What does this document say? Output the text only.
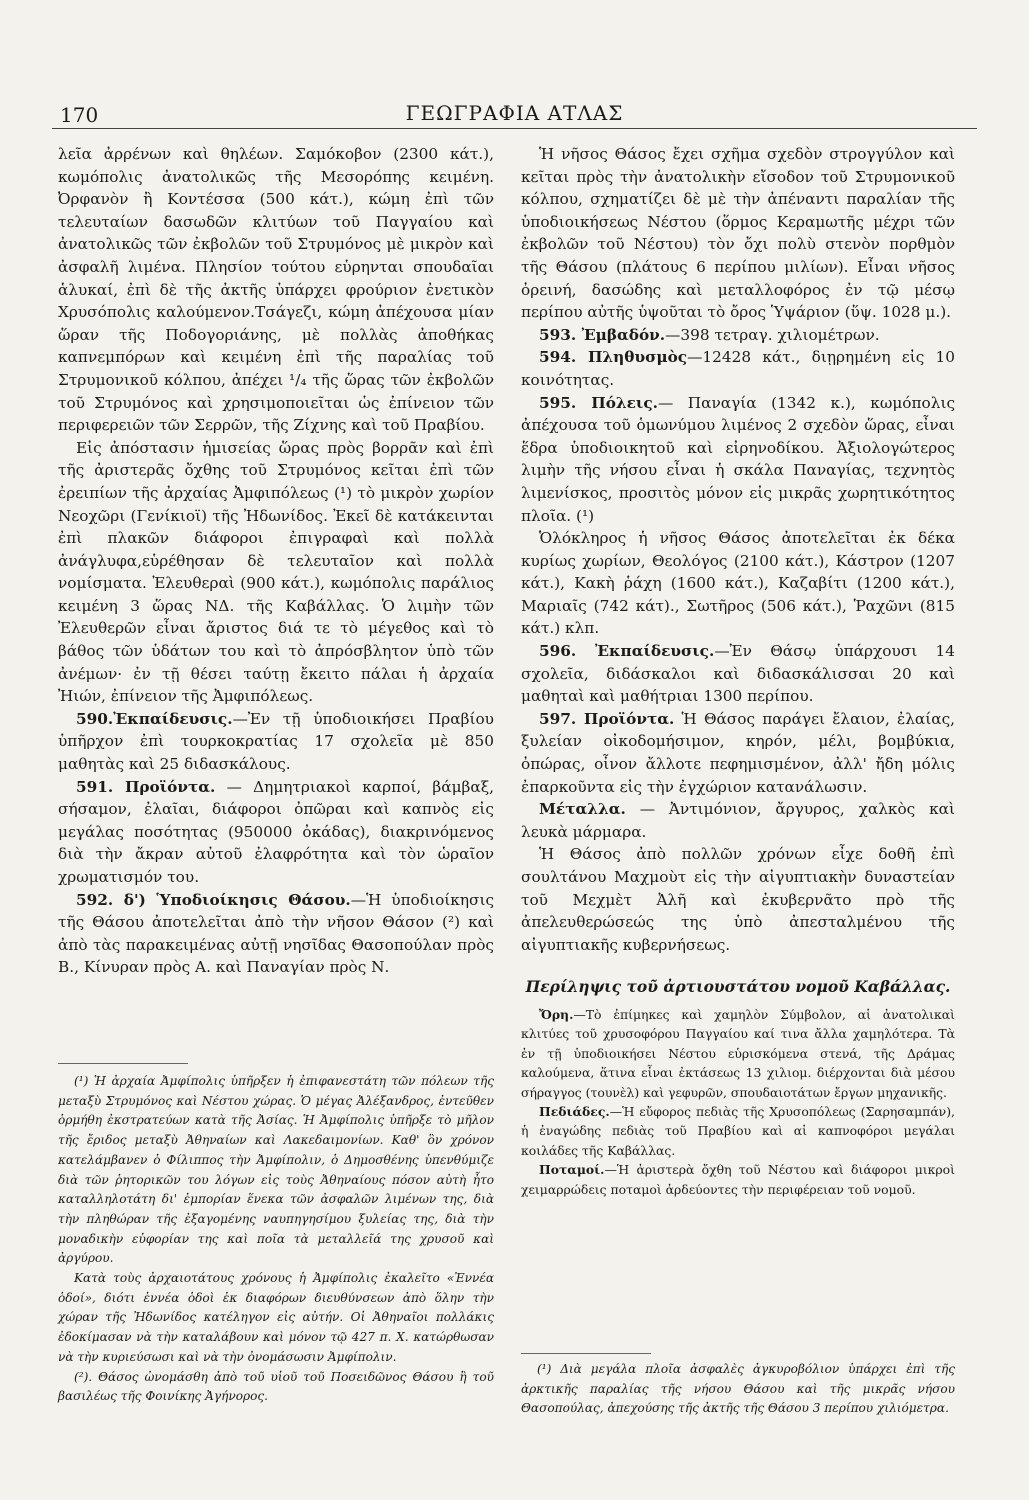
170	ΓΕΩΓΡΑΦΙΑ ΑΤΛΑΣ

λεῖα ἀρρένων καὶ θηλέων. Σαμόκοβον (2300 κάτ.), κωμόπολις ἀνατολικῶς τῆς Μεσορόπης κειμένη. Ὀρφανὸν ἢ Κοντέσσα (500 κάτ.), κώμη ἐπὶ τῶν τελευταίων δασωδῶν κλιτύων τοῦ Παγγαίου καὶ ἀνατολικῶς τῶν ἐκβολῶν τοῦ Στρυμόνος μὲ μικρὸν καὶ ἀσφαλῆ λιμένα. Πλησίον τούτου εὑρηνται σπουδαῖαι ἁλυκαί, ἐπὶ δὲ τῆς ἀκτῆς ὑπάρχει φρούριον ἐνετικὸν Χρυσόπολις καλούμενον.Τσάγεζι, κώμη ἀπέχουσα μίαν ὥραν τῆς Ποδογοριάνης, μὲ πολλὰς ἀποθήκας καπνεμπόρων καὶ κειμένη ἐπὶ τῆς παραλίας τοῦ Στρυμονικοῦ κόλπου, ἀπέχει ¹/₄ τῆς ὥρας τῶν ἐκβολῶν τοῦ Στρυμόνος καὶ χρησιμοποιεῖται ὡς ἐπίνειον τῶν περιφερειῶν τῶν Σερρῶν, τῆς Ζίχνης καὶ τοῦ Πραβίου.

Εἰς ἀπόστασιν ἡμισείας ὥρας πρὸς βορρᾶν καὶ ἐπὶ τῆς ἀριστερᾶς ὄχθης τοῦ Στρυμόνος κεῖται ἐπὶ τῶν ἐρειπίων τῆς ἀρχαίας Ἀμφιπόλεως (¹) τὸ μικρὸν χωρίον Νεοχῶρι (Γενίκιοϊ) τῆς Ἠδωνίδος. Ἐκεῖ δὲ κατάκεινται ἐπὶ πλακῶν διάφοροι ἐπιγραφαὶ καὶ πολλὰ ἀνάγλυφα,εὑρέθησαν δὲ τελευταῖον καὶ πολλὰ νομίσματα. Ἐλευθεραὶ (900 κάτ.), κωμόπολις παράλιος κειμένη 3 ὥρας ΝΔ. τῆς Καβάλλας. Ὁ λιμὴν τῶν Ἐλευθερῶν εἶναι ἄριστος διά τε τὸ μέγεθος καὶ τὸ βάθος τῶν ὑδάτων του καὶ τὸ ἀπρόσβλητον ὑπὸ τῶν ἀνέμων· ἐν τῇ θέσει ταύτῃ ἔκειτο πάλαι ἡ ἀρχαία Ἠιών, ἐπίνειον τῆς Ἀμφιπόλεως.

590.Ἐκπαίδευσις.—Ἐν τῇ ὑποδιοικήσει Πραβίου ὑπῆρχον ἐπὶ τουρκοκρατίας 17 σχολεῖα μὲ 850 μαθητὰς καὶ 25 διδασκάλους.

591. Προϊόντα. — Δημητριακοὶ καρποί, βάμβαξ, σήσαμον, ἐλαῖαι, διάφοροι ὀπῶραι καὶ καπνὸς εἰς μεγάλας ποσότητας (950000 ὀκάδας), διακρινόμενος διὰ τὴν ἄκραν αὐτοῦ ἐλαφρότητα καὶ τὸν ὡραῖον χρωματισμόν του.

592. δ') Ὑποδιοίκησις Θάσου.—Ἡ ὑποδιοίκησις τῆς Θάσου ἀποτελεῖται ἀπὸ τὴν νῆσον Θάσον (²) καὶ ἀπὸ τὰς παρακειμένας αὐτῇ νησῖδας Θασοπούλαν πρὸς Β., Κίνυραν πρὸς Α. καὶ Παναγίαν πρὸς Ν.

(¹) Ἡ ἀρχαία Ἀμφίπολις ὑπῆρξεν ἡ ἐπιφανεστάτη τῶν πόλεων τῆς μεταξὺ Στρυμόνος καὶ Νέστου χώρας. Ὁ μέγας Ἀλέξανδρος, ἐντεῦθεν ὁρμήθη ἐκστρατεύων κατὰ τῆς Ἀσίας. Ἡ Ἀμφίπολις ὑπῆρξε τὸ μῆλον τῆς ἔριδος μεταξὺ Ἀθηναίων καὶ Λακεδαιμονίων. Καθ' ὃν χρόνον κατελάμβανεν ὁ Φίλιππος τὴν Ἀμφίπολιν, ὁ Δημοσθένης ὑπενθύμιζε διὰ τῶν ῥητορικῶν του λόγων εἰς τοὺς Ἀθηναίους πόσον αὐτὴ ἦτο καταλληλοτάτη δι' ἐμπορίαν ἕνεκα τῶν ἀσφαλῶν λιμένων της, διὰ τὴν πληθώραν τῆς ἐξαγομένης ναυπηγησίμου ξυλείας της, διὰ τὴν μοναδικὴν εὐφορίαν της καὶ ποῖα τὰ μεταλλεῖά της χρυσοῦ καὶ ἀργύρου.

Κατὰ τοὺς ἀρχαιοτάτους χρόνους ἡ Ἀμφίπολις ἐκαλεῖτο «Ἐννέα ὁδοί», διότι ἐννέα ὁδοὶ ἐκ διαφόρων διευθύνσεων ἀπὸ ὅλην τὴν χώραν τῆς Ἠδωνίδος κατέληγον εἰς αὐτήν. Οἱ Ἀθηναῖοι πολλάκις ἐδοκίμασαν νὰ τὴν καταλάβουν καὶ μόνον τῷ 427 π. Χ. κατώρθωσαν νὰ τὴν κυριεύσωσι καὶ νὰ τὴν ὀνομάσωσιν Ἀμφίπολιν.

(²). Θάσος ὠνομάσθη ἀπὸ τοῦ υἱοῦ τοῦ Ποσειδῶνος Θάσου ἢ τοῦ βασιλέως τῆς Φοινίκης Ἀγήνορος.

Ἡ νῆσος Θάσος ἔχει σχῆμα σχεδὸν στρογγύλον καὶ κεῖται πρὸς τὴν ἀνατολικὴν εἴσοδον τοῦ Στρυμονικοῦ κόλπου, σχηματίζει δὲ μὲ τὴν ἀπέναντι παραλίαν τῆς ὑποδιοικήσεως Νέστου (ὅρμος Κεραμωτῆς μέχρι τῶν ἐκβολῶν τοῦ Νέστου) τὸν ὄχι πολὺ στενὸν πορθμὸν τῆς Θάσου (πλάτους 6 περίπου μιλίων). Εἶναι νῆσος ὀρεινή, δασώδης καὶ μεταλλοφόρος ἐν τῷ μέσῳ περίπου αὐτῆς ὑψοῦται τὸ ὄρος Ὑψάριον (ὕψ. 1028 μ.).

593. Ἐμβαδόν.—398 τετραγ. χιλιομέτρων.

594. Πληθυσμὸς—12428 κάτ., διῃρημένη εἰς 10 κοινότητας.

595. Πόλεις.— Παναγία (1342 κ.), κωμόπολις ἀπέχουσα τοῦ ὁμωνύμου λιμένος 2 σχεδὸν ὥρας, εἶναι ἕδρα ὑποδιοικητοῦ καὶ εἰρηνοδίκου. Ἀξιολογώτερος λιμὴν τῆς νήσου εἶναι ἡ σκάλα Παναγίας, τεχνητὸς λιμενίσκος, προσιτὸς μόνον εἰς μικρᾶς χωρητικότητος πλοῖα. (¹)

Ὁλόκληρος ἡ νῆσος Θάσος ἀποτελεῖται ἐκ δέκα κυρίως χωρίων, Θεολόγος (2100 κάτ.), Κάστρον (1207 κάτ.), Κακὴ ῥάχη (1600 κάτ.), Καζαβίτι (1200 κάτ.), Μαριαῖς (742 κάτ)., Σωτῆρος (506 κάτ.), Ῥαχῶνι (815 κάτ.) κλπ.

596. Ἐκπαίδευσις.—Ἐν Θάσῳ ὑπάρχουσι 14 σχολεῖα, διδάσκαλοι καὶ διδασκάλισσαι 20 καὶ μαθηταὶ καὶ μαθήτριαι 1300 περίπου.

597. Προϊόντα. Ἡ Θάσος παράγει ἔλαιον, ἐλαίας, ξυλείαν οἰκοδομήσιμον, κηρόν, μέλι, βομβύκια, ὀπώρας, οἶνον ἄλλοτε πεφημισμένον, ἀλλ' ἤδη μόλις ἐπαρκοῦντα εἰς τὴν ἐγχώριον κατανάλωσιν.

Μέταλλα. — Ἀντιμόνιον, ἄργυρος, χαλκὸς καὶ λευκὰ μάρμαρα.

Ἡ Θάσος ἀπὸ πολλῶν χρόνων εἶχε δοθῆ ἐπὶ σουλτάνου Μαχμοὺτ εἰς τὴν αἰγυπτιακὴν δυναστείαν τοῦ Μεχμὲτ Ἀλῆ καὶ ἐκυβερνᾶτο πρὸ τῆς ἀπελευθερώσεώς της ὑπὸ ἀπεσταλμένου τῆς αἰγυπτιακῆς κυβερνήσεως.

Περίληψις τοῦ ἀρτιουστάτου νομοῦ Καβάλλας.

Ὄρη.—Τὸ ἐπίμηκες καὶ χαμηλὸν Σύμβολον, αἱ ἀνατολικαὶ κλιτύες τοῦ χρυσοφόρου Παγγαίου καί τινα ἄλλα χαμηλότερα. Τὰ ἐν τῇ ὑποδιοικήσει Νέστου εὑρισκόμενα στενά, τῆς Δράμας καλούμενα, ἅτινα εἶναι ἐκτάσεως 13 χιλιομ. διέρχονται διὰ μέσου σήραγγος (τουνὲλ) καὶ γεφυρῶν, σπουδαιοτάτων ἔργων μηχανικῆς.

Πεδιάδες.—Ἡ εὔφορος πεδιὰς τῆς Χρυσοπόλεως (Σαρησαμπάν), ἡ ἐναγώδης πεδιὰς τοῦ Πραβίου καὶ αἱ καπνοφόροι μεγάλαι κοιλάδες τῆς Καβάλλας.

Ποταμοί.—Ἡ ἀριστερὰ ὄχθη τοῦ Νέστου καὶ διάφοροι μικροὶ χειμαρρώδεις ποταμοὶ ἀρδεύοντες τὴν περιφέρειαν τοῦ νομοῦ.

(¹) Διὰ μεγάλα πλοῖα ἀσφαλὲς ἀγκυροβόλιον ὑπάρχει ἐπὶ τῆς ἀρκτικῆς παραλίας τῆς νήσου Θάσου καὶ τῆς μικρᾶς νήσου Θασοπούλας, ἀπεχούσης τῆς ἀκτῆς τῆς Θάσου 3 περίπου χιλιόμετρα.
